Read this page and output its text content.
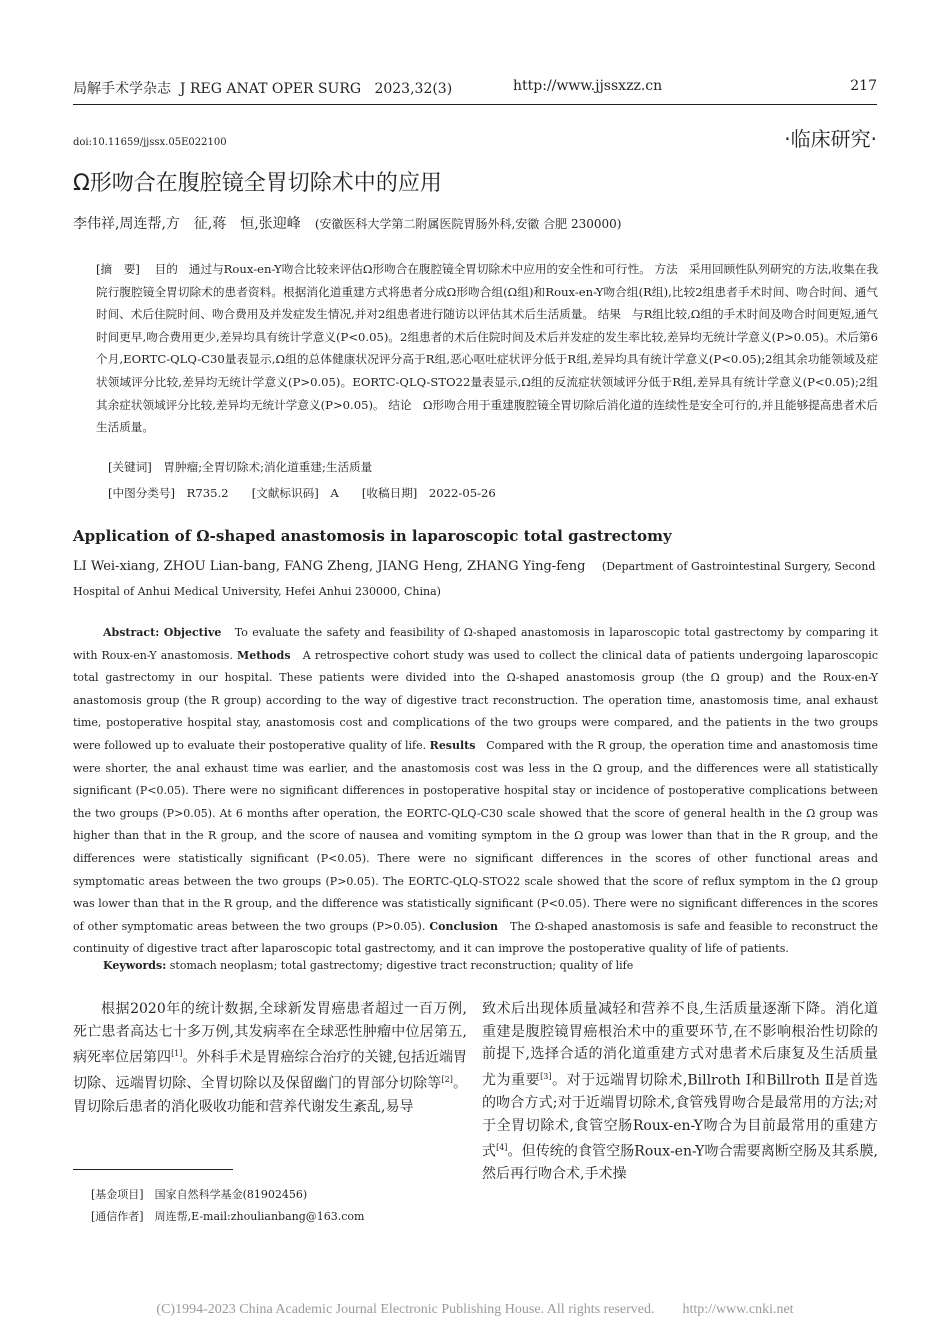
局解手术学杂志 J REG ANAT OPER SURG 2023,32(3)	http://www.jjssxzz.cn	217
doi:10.11659/jjssx.05E022100	·临床研究·
Ω形吻合在腹腔镜全胃切除术中的应用
李伟祥,周连帮,方　征,蒋　恒,张迎峰 (安徽医科大学第二附属医院胃肠外科,安徽 合肥 230000)
[摘　要] 目的 通过与Roux-en-Y吻合比较来评估Ω形吻合在腹腔镜全胃切除术中应用的安全性和可行性。 方法 采用回顾性队列研究的方法,收集在我院行腹腔镜全胃切除术的患者资料。根据消化道重建方式将患者分成Ω形吻合组(Ω组)和Roux-en-Y吻合组(R组),比较2组患者手术时间、吻合时间、通气时间、术后住院时间、吻合费用及并发症发生情况,并对2组患者进行随访以评估其术后生活质量。 结果 与R组比较,Ω组的手术时间及吻合时间更短,通气时间更早,吻合费用更少,差异均具有统计学意义(P<0.05)。2组患者的术后住院时间及术后并发症的发生率比较,差异均无统计学意义(P>0.05)。术后第6个月,EORTC-QLQ-C30量表显示,Ω组的总体健康状况评分高于R组,恶心呕吐症状评分低于R组,差异均具有统计学意义(P<0.05);2组其余功能领域及症状领域评分比较,差异均无统计学意义(P>0.05)。EORTC-QLQ-STO22量表显示,Ω组的反流症状领域评分低于R组,差异具有统计学意义(P<0.05);2组其余症状领域评分比较,差异均无统计学意义(P>0.05)。 结论 Ω形吻合用于重建腹腔镜全胃切除后消化道的连续性是安全可行的,并且能够提高患者术后生活质量。
[关键词]　胃肿瘤;全胃切除术;消化道重建;生活质量
[中图分类号]　R735.2　　[文献标识码]　A　　[收稿日期]　2022-05-26
Application of Ω-shaped anastomosis in laparoscopic total gastrectomy
LI Wei-xiang, ZHOU Lian-bang, FANG Zheng, JIANG Heng, ZHANG Ying-feng (Department of Gastrointestinal Surgery, Second Hospital of Anhui Medical University, Hefei Anhui 230000, China)
Abstract: Objective To evaluate the safety and feasibility of Ω-shaped anastomosis in laparoscopic total gastrectomy by comparing it with Roux-en-Y anastomosis. Methods A retrospective cohort study was used to collect the clinical data of patients undergoing laparoscopic total gastrectomy in our hospital. These patients were divided into the Ω-shaped anastomosis group (the Ω group) and the Roux-en-Y anastomosis group (the R group) according to the way of digestive tract reconstruction. The operation time, anastomosis time, anal exhaust time, postoperative hospital stay, anastomosis cost and complications of the two groups were compared, and the patients in the two groups were followed up to evaluate their postoperative quality of life. Results Compared with the R group, the operation time and anastomosis time were shorter, the anal exhaust time was earlier, and the anastomosis cost was less in the Ω group, and the differences were all statistically significant (P<0.05). There were no significant differences in postoperative hospital stay or incidence of postoperative complications between the two groups (P>0.05). At 6 months after operation, the EORTC-QLQ-C30 scale showed that the score of general health in the Ω group was higher than that in the R group, and the score of nausea and vomiting symptom in the Ω group was lower than that in the R group, and the differences were statistically significant (P<0.05). There were no significant differences in the scores of other functional areas and symptomatic areas between the two groups (P>0.05). The EORTC-QLQ-STO22 scale showed that the score of reflux symptom in the Ω group was lower than that in the R group, and the difference was statistically significant (P<0.05). There were no significant differences in the scores of other symptomatic areas between the two groups (P>0.05). Conclusion The Ω-shaped anastomosis is safe and feasible to reconstruct the continuity of digestive tract after laparoscopic total gastrectomy, and it can improve the postoperative quality of life of patients.
Keywords: stomach neoplasm; total gastrectomy; digestive tract reconstruction; quality of life
根据2020年的统计数据,全球新发胃癌患者超过一百万例,死亡患者高达七十多万例,其发病率在全球恶性肿瘤中位居第五,病死率位居第四[1]。外科手术是胃癌综合治疗的关键,包括近端胃切除、远端胃切除、全胃切除以及保留幽门的胃部分切除等[2]。胃切除后患者的消化吸收功能和营养代谢发生紊乱,易导
致术后出现体质量减轻和营养不良,生活质量逐渐下降。消化道重建是腹腔镜胃癌根治术中的重要环节,在不影响根治性切除的前提下,选择合适的消化道重建方式对患者术后康复及生活质量尤为重要[3]。对于远端胃切除术,Billroth Ⅰ和Billroth Ⅱ是首选的吻合方式;对于近端胃切除术,食管残胃吻合是最常用的方法;对于全胃切除术,食管空肠Roux-en-Y吻合为目前最常用的重建方式[4]。但传统的食管空肠Roux-en-Y吻合需要离断空肠及其系膜,然后再行吻合术,手术操
[基金项目]　国家自然科学基金(81902456)
[通信作者]　周连帮,E-mail:zhoulianbang@163.com
(C)1994-2023 China Academic Journal Electronic Publishing House. All rights reserved.　　http://www.cnki.net
